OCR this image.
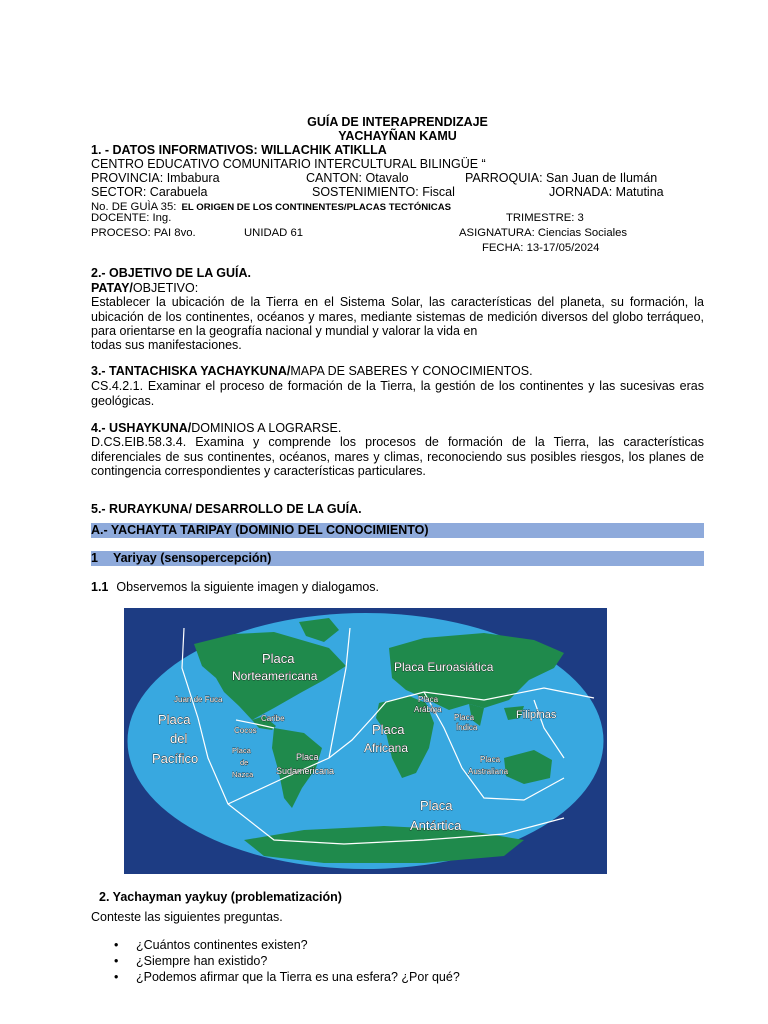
GUÍA DE INTERAPRENDIZAJE
YACHAYÑAN KAMU
1. - DATOS INFORMATIVOS: WILLACHIK ATIKLLA
CENTRO EDUCATIVO COMUNITARIO INTERCULTURAL BILINGÜE “
PROVINCIA: Imbabura	CANTON: Otavalo	PARROQUIA: San Juan de Ilumán
SECTOR: Carabuela	SOSTENIMIENTO: Fiscal	JORNADA: Matutina
No. DE GUÌA 35: EL ORIGEN DE LOS CONTINENTES/PLACAS TECTÓNICAS
DOCENTE: Ing.	TRIMESTRE: 3
PROCESO: PAI 8vo.	UNIDAD 61	ASIGNATURA: Ciencias Sociales
FECHA: 13-17/05/2024
2.- OBJETIVO DE LA GUÍA.
PATAY/OBJETIVO:
Establecer la ubicación de la Tierra en el Sistema Solar, las características del planeta, su formación, la ubicación de los continentes, océanos y mares, mediante sistemas de medición diversos del globo terráqueo, para orientarse en la geografía nacional y mundial y valorar la vida en
todas sus manifestaciones.
3.- TANTACHISKA YACHAYKUNA/MAPA DE SABERES Y CONOCIMIENTOS.
CS.4.2.1. Examinar el proceso de formación de la Tierra, la gestión de los continentes y las sucesivas eras geológicas.
4.- USHAYKUNA/DOMINIOS A LOGRARSE.
D.CS.EIB.58.3.4. Examina y comprende los procesos de formación de la Tierra, las características diferenciales de sus continentes, océanos, mares y climas, reconociendo sus posibles riesgos, los planes de contingencia correspondientes y características particulares.
5.- RURAYKUNA/ DESARROLLO DE LA GUÍA.
A.- YACHAYTA TARIPAY (DOMINIO DEL CONOCIMIENTO)
1 Yariyay (sensopercepción)
1.1 Observemos la siguiente imagen y dialogamos.
Placa
Norteamericana
Placa Euroasiática
Juan de Fuca
Placa
del
Pacífico
Caribe
Cocos
Placa
de
Nazca
Placa
Sudamericana
Placa
Arábiga
Placa
Africana
Placa
Índica
Filipinas
Placa
Australiana
Placa
Antártica
2. Yachayman yaykuy (problematización)
Conteste las siguientes preguntas.
• ¿Cuántos continentes existen?
• ¿Siempre han existido?
• ¿Podemos afirmar que la Tierra es una esfera? ¿Por qué?
